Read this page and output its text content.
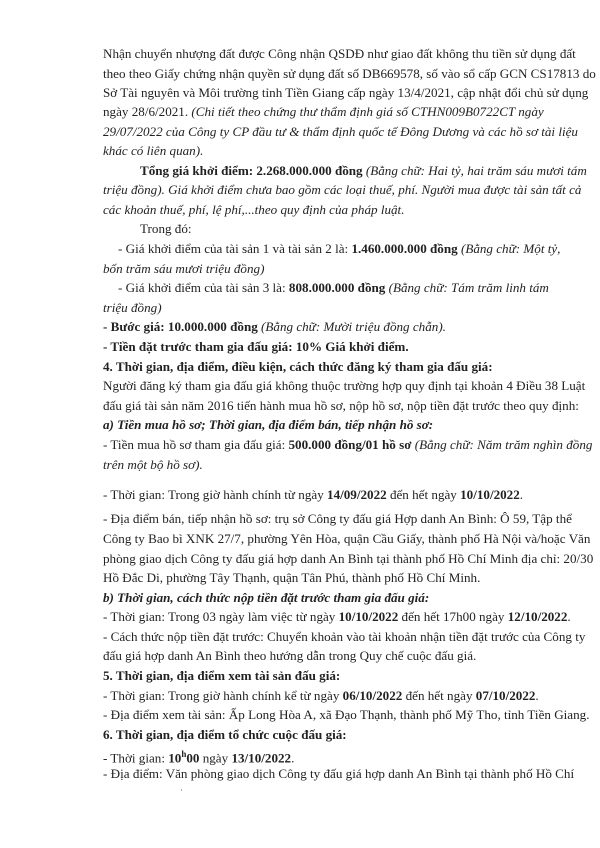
Nhận chuyển nhượng đất được Công nhận QSDĐ như giao đất không thu tiền sử dụng đất
theo theo Giấy chứng nhận quyền sử dụng đất số DB669578, số vào sổ cấp GCN CS17813 do
Sở Tài nguyên và Môi trường tỉnh Tiền Giang cấp ngày 13/4/2021, cập nhật đổi chủ sử dụng
ngày 28/6/2021. (Chi tiết theo chứng thư thẩm định giá số CTHN009B0722CT ngày
29/07/2022 của Công ty CP đầu tư & thẩm định quốc tế Đông Dương và các hồ sơ tài liệu
khác có liên quan).
Tổng giá khởi điểm: 2.268.000.000 đồng (Bằng chữ: Hai tỷ, hai trăm sáu mươi tám
triệu đồng). Giá khởi điểm chưa bao gồm các loại thuế, phí. Người mua được tài sản tất cả
các khoản thuế, phí, lệ phí,...theo quy định của pháp luật.
Trong đó:
- Giá khởi điểm của tài sản 1 và tài sản 2 là: 1.460.000.000 đồng (Bằng chữ: Một tỷ,
bốn trăm sáu mươi triệu đồng)
- Giá khởi điểm của tài sản 3 là: 808.000.000 đồng (Bằng chữ: Tám trăm linh tám
triệu đồng)
- Bước giá: 10.000.000 đồng (Bằng chữ: Mười triệu đồng chẵn).
- Tiền đặt trước tham gia đấu giá: 10% Giá khởi điểm.
4. Thời gian, địa điểm, điều kiện, cách thức đăng ký tham gia đấu giá:
Người đăng ký tham gia đấu giá không thuộc trường hợp quy định tại khoản 4 Điều 38 Luật
đấu giá tài sản năm 2016 tiến hành mua hồ sơ, nộp hồ sơ, nộp tiền đặt trước theo quy định:
a) Tiền mua hồ sơ; Thời gian, địa điểm bán, tiếp nhận hồ sơ:
- Tiền mua hồ sơ tham gia đấu giá: 500.000 đồng/01 hồ sơ (Bằng chữ: Năm trăm nghìn đồng
trên một bộ hồ sơ).
- Thời gian: Trong giờ hành chính từ ngày 14/09/2022 đến hết ngày 10/10/2022.
- Địa điểm bán, tiếp nhận hồ sơ: trụ sở Công ty đấu giá Hợp danh An Bình: Ô 59, Tập thể
Công ty Bao bì XNK 27/7, phường Yên Hòa, quận Cầu Giấy, thành phố Hà Nội và/hoặc Văn
phòng giao dịch Công ty đấu giá hợp danh An Bình tại thành phố Hồ Chí Minh địa chỉ: 20/30
Hồ Đắc Di, phường Tây Thạnh, quận Tân Phú, thành phố Hồ Chí Minh.
b) Thời gian, cách thức nộp tiền đặt trước tham gia đấu giá:
- Thời gian: Trong 03 ngày làm việc từ ngày 10/10/2022 đến hết 17h00 ngày 12/10/2022.
- Cách thức nộp tiền đặt trước: Chuyển khoản vào tài khoản nhận tiền đặt trước của Công ty
đấu giá hợp danh An Bình theo hướng dẫn trong Quy chế cuộc đấu giá.
5. Thời gian, địa điểm xem tài sản đấu giá:
- Thời gian: Trong giờ hành chính kể từ ngày 06/10/2022 đến hết ngày 07/10/2022.
- Địa điểm xem tài sản: Ấp Long Hòa A, xã Đạo Thạnh, thành phố Mỹ Tho, tỉnh Tiền Giang.
6. Thời gian, địa điểm tổ chức cuộc đấu giá:
- Thời gian: 10$^h$00 ngày 13/10/2022.
- Địa điểm: Văn phòng giao dịch Công ty đấu giá hợp danh An Bình tại thành phố Hồ Chí
·
